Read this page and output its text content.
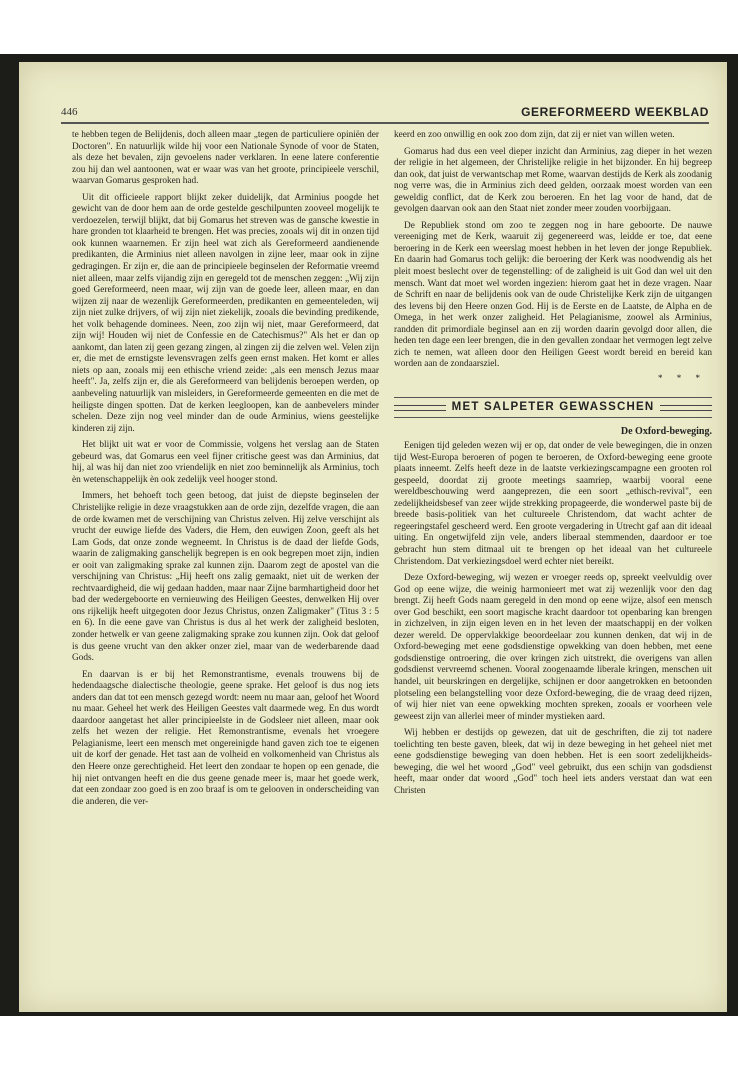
446	GEREFORMEERD WEEKBLAD

te hebben tegen de Belijdenis, doch alleen maar „tegen de particuliere opiniën der Doctoren". En natuurlijk wilde hij voor een Nationale Synode of voor de Staten, als deze het bevalen, zijn gevoelens nader verklaren. In eene latere conferentie zou hij dan wel aantoonen, wat er waar was van het groote, principieele verschil, waarvan Gomarus gesproken had.

Uit dit officieele rapport blijkt zeker duidelijk, dat Arminius poogde het gewicht van de door hem aan de orde gestelde geschilpunten zooveel mogelijk te verdoezelen, terwijl blijkt, dat bij Gomarus het streven was de gansche kwestie in hare gronden tot klaarheid te brengen. Het was precies, zooals wij dit in onzen tijd ook kunnen waarnemen. Er zijn heel wat zich als Gereformeerd aandienende predikanten, die Arminius niet alleen navolgen in zijne leer, maar ook in zijne gedragingen. Er zijn er, die aan de principieele beginselen der Reformatie vreemd niet alleen, maar zelfs vijandig zijn en geregeld tot de menschen zeggen: „Wij zijn goed Gereformeerd, neen maar, wij zijn van de goede leer, alleen maar, en dan wijzen zij naar de wezenlijk Gereformeerden, predikanten en gemeenteleden, wij zijn niet zulke drijvers, of wij zijn niet ziekelijk, zooals die bevinding predikende, het volk behagende dominees. Neen, zoo zijn wij niet, maar Gereformeerd, dat zijn wij! Houden wij niet de Confessie en de Catechismus?" Als het er dan op aankomt, dan laten zij geen gezang zingen, al zingen zij die zelven wel. Velen zijn er, die met de ernstigste levensvragen zelfs geen ernst maken. Het komt er alles niets op aan, zooals mij een ethische vriend zeide: „als een mensch Jezus maar heeft". Ja, zelfs zijn er, die als Gereformeerd van belijdenis beroepen werden, op aanbeveling natuurlijk van misleiders, in Gereformeerde gemeenten en die met de heiligste dingen spotten. Dat de kerken leegloopen, kan de aanbevelers minder schelen. Deze zijn nog veel minder dan de oude Arminius, wiens geestelijke kinderen zij zijn.

Het blijkt uit wat er voor de Commissie, volgens het verslag aan de Staten gebeurd was, dat Gomarus een veel fijner critische geest was dan Arminius, dat hij, al was hij dan niet zoo vriendelijk en niet zoo beminnelijk als Arminius, toch èn wetenschappelijk èn ook zedelijk veel hooger stond.

Immers, het behoeft toch geen betoog, dat juist de diepste beginselen der Christelijke religie in deze vraagstukken aan de orde zijn, dezelfde vragen, die aan de orde kwamen met de verschijning van Christus zelven. Hij zelve verschijnt als vrucht der euwige liefde des Vaders, die Hem, den euwigen Zoon, geeft als het Lam Gods, dat onze zonde wegneemt. In Christus is de daad der liefde Gods, waarin de zaligmaking ganschelijk begrepen is en ook begrepen moet zijn, indien er ooit van zaligmaking sprake zal kunnen zijn. Daarom zegt de apostel van die verschijning van Christus: „Hij heeft ons zalig gemaakt, niet uit de werken der rechtvaardigheid, die wij gedaan hadden, maar naar Zijne barmhartigheid door het bad der wedergeboorte en vernieuwing des Heiligen Geestes, denwelken Hij over ons rijkelijk heeft uitgegoten door Jezus Christus, onzen Zaligmaker" (Titus 3 : 5 en 6). In die eene gave van Christus is dus al het werk der zaligheid besloten, zonder hetwelk er van geene zaligmaking sprake zou kunnen zijn. Ook dat geloof is dus geene vrucht van den akker onzer ziel, maar van de wederbarende daad Gods.

En daarvan is er bij het Remonstrantisme, evenals trouwens bij de hedendaagsche dialectische theologie, geene sprake. Het geloof is dus nog iets anders dan dat tot een mensch gezegd wordt: neem nu maar aan, geloof het Woord nu maar. Geheel het werk des Heiligen Geestes valt daarmede weg. En dus wordt daardoor aangetast het aller principieelste in de Godsleer niet alleen, maar ook zelfs het wezen der religie. Het Remonstrantisme, evenals het vroegere Pelagianisme, leert een mensch met ongereinigde hand gaven zich toe te eigenen uit de korf der genade. Het tast aan de volheid en volkomenheid van Christus als den Heere onze gerechtigheid. Het leert den zondaar te hopen op een genade, die hij niet ontvangen heeft en die dus geene genade meer is, maar het goede werk, dat een zondaar zoo goed is en zoo braaf is om te gelooven in onderscheiding van die anderen, die ver-

keerd en zoo onwillig en ook zoo dom zijn, dat zij er niet van willen weten.

Gomarus had dus een veel dieper inzicht dan Arminius, zag dieper in het wezen der religie in het algemeen, der Christelijke religie in het bijzonder. En hij begreep dan ook, dat juist de verwantschap met Rome, waarvan destijds de Kerk als zoodanig nog verre was, die in Arminius zich deed gelden, oorzaak moest worden van een geweldig conflict, dat de Kerk zou beroeren. En het lag voor de hand, dat de gevolgen daarvan ook aan den Staat niet zonder meer zouden voorbijgaan.

De Republiek stond om zoo te zeggen nog in hare geboorte. De nauwe vereeniging met de Kerk, waaruit zij gegenereerd was, leidde er toe, dat eene beroering in de Kerk een weerslag moest hebben in het leven der jonge Republiek. En daarin had Gomarus toch gelijk: die beroering der Kerk was noodwendig als het pleit moest beslecht over de tegenstelling: of de zaligheid is uit God dan wel uit den mensch. Want dat moet wel worden ingezien: hierom gaat het in deze vragen. Naar de Schrift en naar de belijdenis ook van de oude Christelijke Kerk zijn de uitgangen des levens bij den Heere onzen God. Hij is de Eerste en de Laatste, de Alpha en de Omega, in het werk onzer zaligheid. Het Pelagianisme, zoowel als Arminius, randden dit primordiale beginsel aan en zij worden daarin gevolgd door allen, die heden ten dage een leer brengen, die in den gevallen zondaar het vermogen legt zelve zich te nemen, wat alleen door den Heiligen Geest wordt bereid en bereid kan worden aan de zondaarsziel.

* * *
MET SALPETER GEWASSCHEN
De Oxford-beweging.

Eenigen tijd geleden wezen wij er op, dat onder de vele bewegingen, die in onzen tijd West-Europa beroeren of pogen te beroeren, de Oxford-beweging eene groote plaats inneemt. Zelfs heeft deze in de laatste verkiezingscampagne een grooten rol gespeeld, doordat zij groote meetings saamriep, waarbij vooral eene wereldbeschouwing werd aangeprezen, die een soort „ethisch-revival", een zedelijkheidsbesef van zeer wijde strekking propageerde, die wonderwel paste bij de breede basis-politiek van het cultureele Christendom, dat wacht achter de regeeringstafel gescheerd werd. Een groote vergadering in Utrecht gaf aan dit ideaal uiting. En ongetwijfeld zijn vele, anders liberaal stemmenden, daardoor er toe gebracht hun stem ditmaal uit te brengen op het ideaal van het cultureele Christendom. Dat verkiezingsdoel werd echter niet bereikt.

Deze Oxford-beweging, wij wezen er vroeger reeds op, spreekt veelvuldig over God op eene wijze, die weinig harmonieert met wat zij wezenlijk voor den dag brengt. Zij heeft Gods naam geregeld in den mond op eene wijze, alsof een mensch over God beschikt, een soort magische kracht daardoor tot openbaring kan brengen in zichzelven, in zijn eigen leven en in het leven der maatschappij en der volken dezer wereld. De oppervlakkige beoordeelaar zou kunnen denken, dat wij in de Oxford-beweging met eene godsdienstige opwekking van doen hebben, met eene godsdienstige ontroering, die over kringen zich uitstrekt, die overigens van allen godsdienst vervreemd schenen. Vooral zoogenaamde liberale kringen, menschen uit handel, uit beurskringen en dergelijke, schijnen er door aangetrokken en betoonden plotseling een belangstelling voor deze Oxford-beweging, die de vraag deed rijzen, of wij hier niet van eene opwekking mochten spreken, zooals er voorheen vele geweest zijn van allerlei meer of minder mystieken aard.

Wij hebben er destijds op gewezen, dat uit de geschriften, die zij tot nadere toelichting ten beste gaven, bleek, dat wij in deze beweging in het geheel niet met eene godsdienstige beweging van doen hebben. Het is een soort zedelijkheids-beweging, die wel het woord „God" veel gebruikt, dus een schijn van godsdienst heeft, maar onder dat woord „God" toch heel iets anders verstaat dan wat een Christen
